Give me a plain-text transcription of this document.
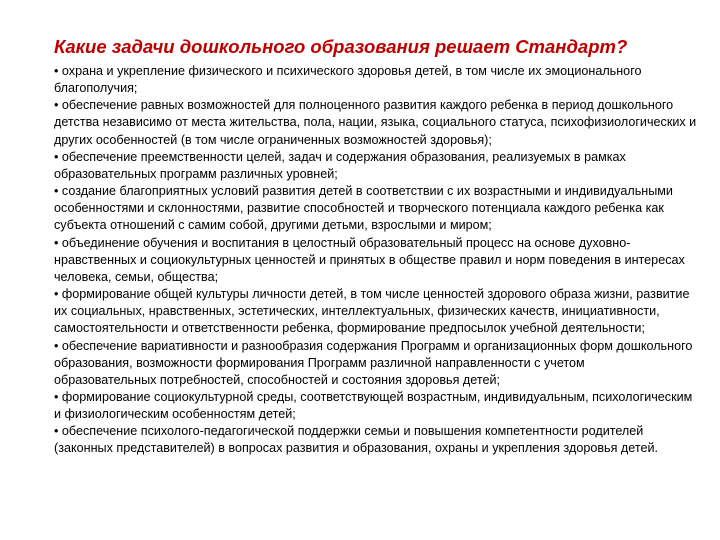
Какие задачи дошкольного образования решает Стандарт?
• охрана и укрепление физического и психического здоровья детей, в том числе их эмоционального благополучия;
• обеспечение равных возможностей для полноценного развития каждого ребенка в период дошкольного детства независимо от места жительства, пола, нации, языка, социального статуса, психофизиологических и других особенностей (в том числе ограниченных возможностей здоровья);
• обеспечение преемственности целей, задач и содержания образования, реализуемых в рамках образовательных программ различных уровней;
• создание благоприятных условий развития детей в соответствии с их возрастными и индивидуальными особенностями и склонностями, развитие способностей и творческого потенциала каждого ребенка как субъекта отношений с самим собой, другими детьми, взрослыми и миром;
• объединение обучения и воспитания в целостный образовательный процесс на основе духовно-нравственных и социокультурных ценностей и принятых в обществе правил и норм поведения в интересах человека, семьи, общества;
• формирование общей культуры личности детей, в том числе ценностей здорового образа жизни, развитие их социальных, нравственных, эстетических, интеллектуальных, физических качеств, инициативности, самостоятельности и ответственности ребенка, формирование предпосылок учебной деятельности;
• обеспечение вариативности и разнообразия содержания Программ и организационных форм дошкольного образования, возможности формирования Программ различной направленности с учетом
образовательных потребностей, способностей и состояния здоровья детей;
• формирование социокультурной среды, соответствующей возрастным, индивидуальным, психологическим и физиологическим особенностям детей;
• обеспечение психолого-педагогической поддержки семьи и повышения компетентности родителей (законных представителей) в вопросах развития и образования, охраны и укрепления здоровья детей.
